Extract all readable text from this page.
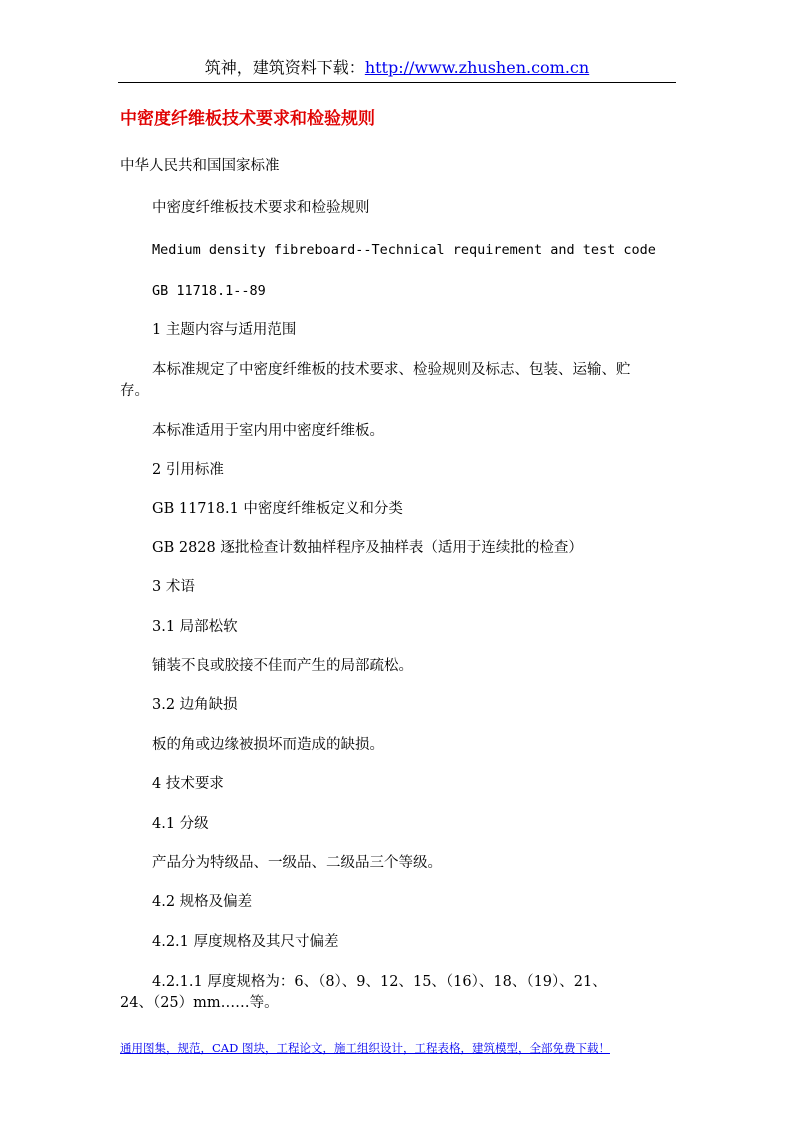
筑神，建筑资料下载：http://www.zhushen.com.cn
中密度纤维板技术要求和检验规则
中华人民共和国国家标准
中密度纤维板技术要求和检验规则
Medium density fibreboard--Technical requirement and test code
GB 11718.1--89
1 主题内容与适用范围
本标准规定了中密度纤维板的技术要求、检验规则及标志、包装、运输、贮
存。
本标准适用于室内用中密度纤维板。
2 引用标准
GB 11718.1 中密度纤维板定义和分类
GB 2828 逐批检查计数抽样程序及抽样表（适用于连续批的检查）
3 术语
3.1 局部松软
铺装不良或胶接不佳而产生的局部疏松。
3.2 边角缺损
板的角或边缘被损坏而造成的缺损。
4 技术要求
4.1 分级
产品分为特级品、一级品、二级品三个等级。
4.2 规格及偏差
4.2.1 厚度规格及其尺寸偏差
4.2.1.1 厚度规格为：6、（8）、9、12、15、（16）、18、（19）、21、
24、（25）mm……等。
通用图集，规范，CAD 图块，工程论文，施工组织设计，工程表格，建筑模型，全部免费下载！
